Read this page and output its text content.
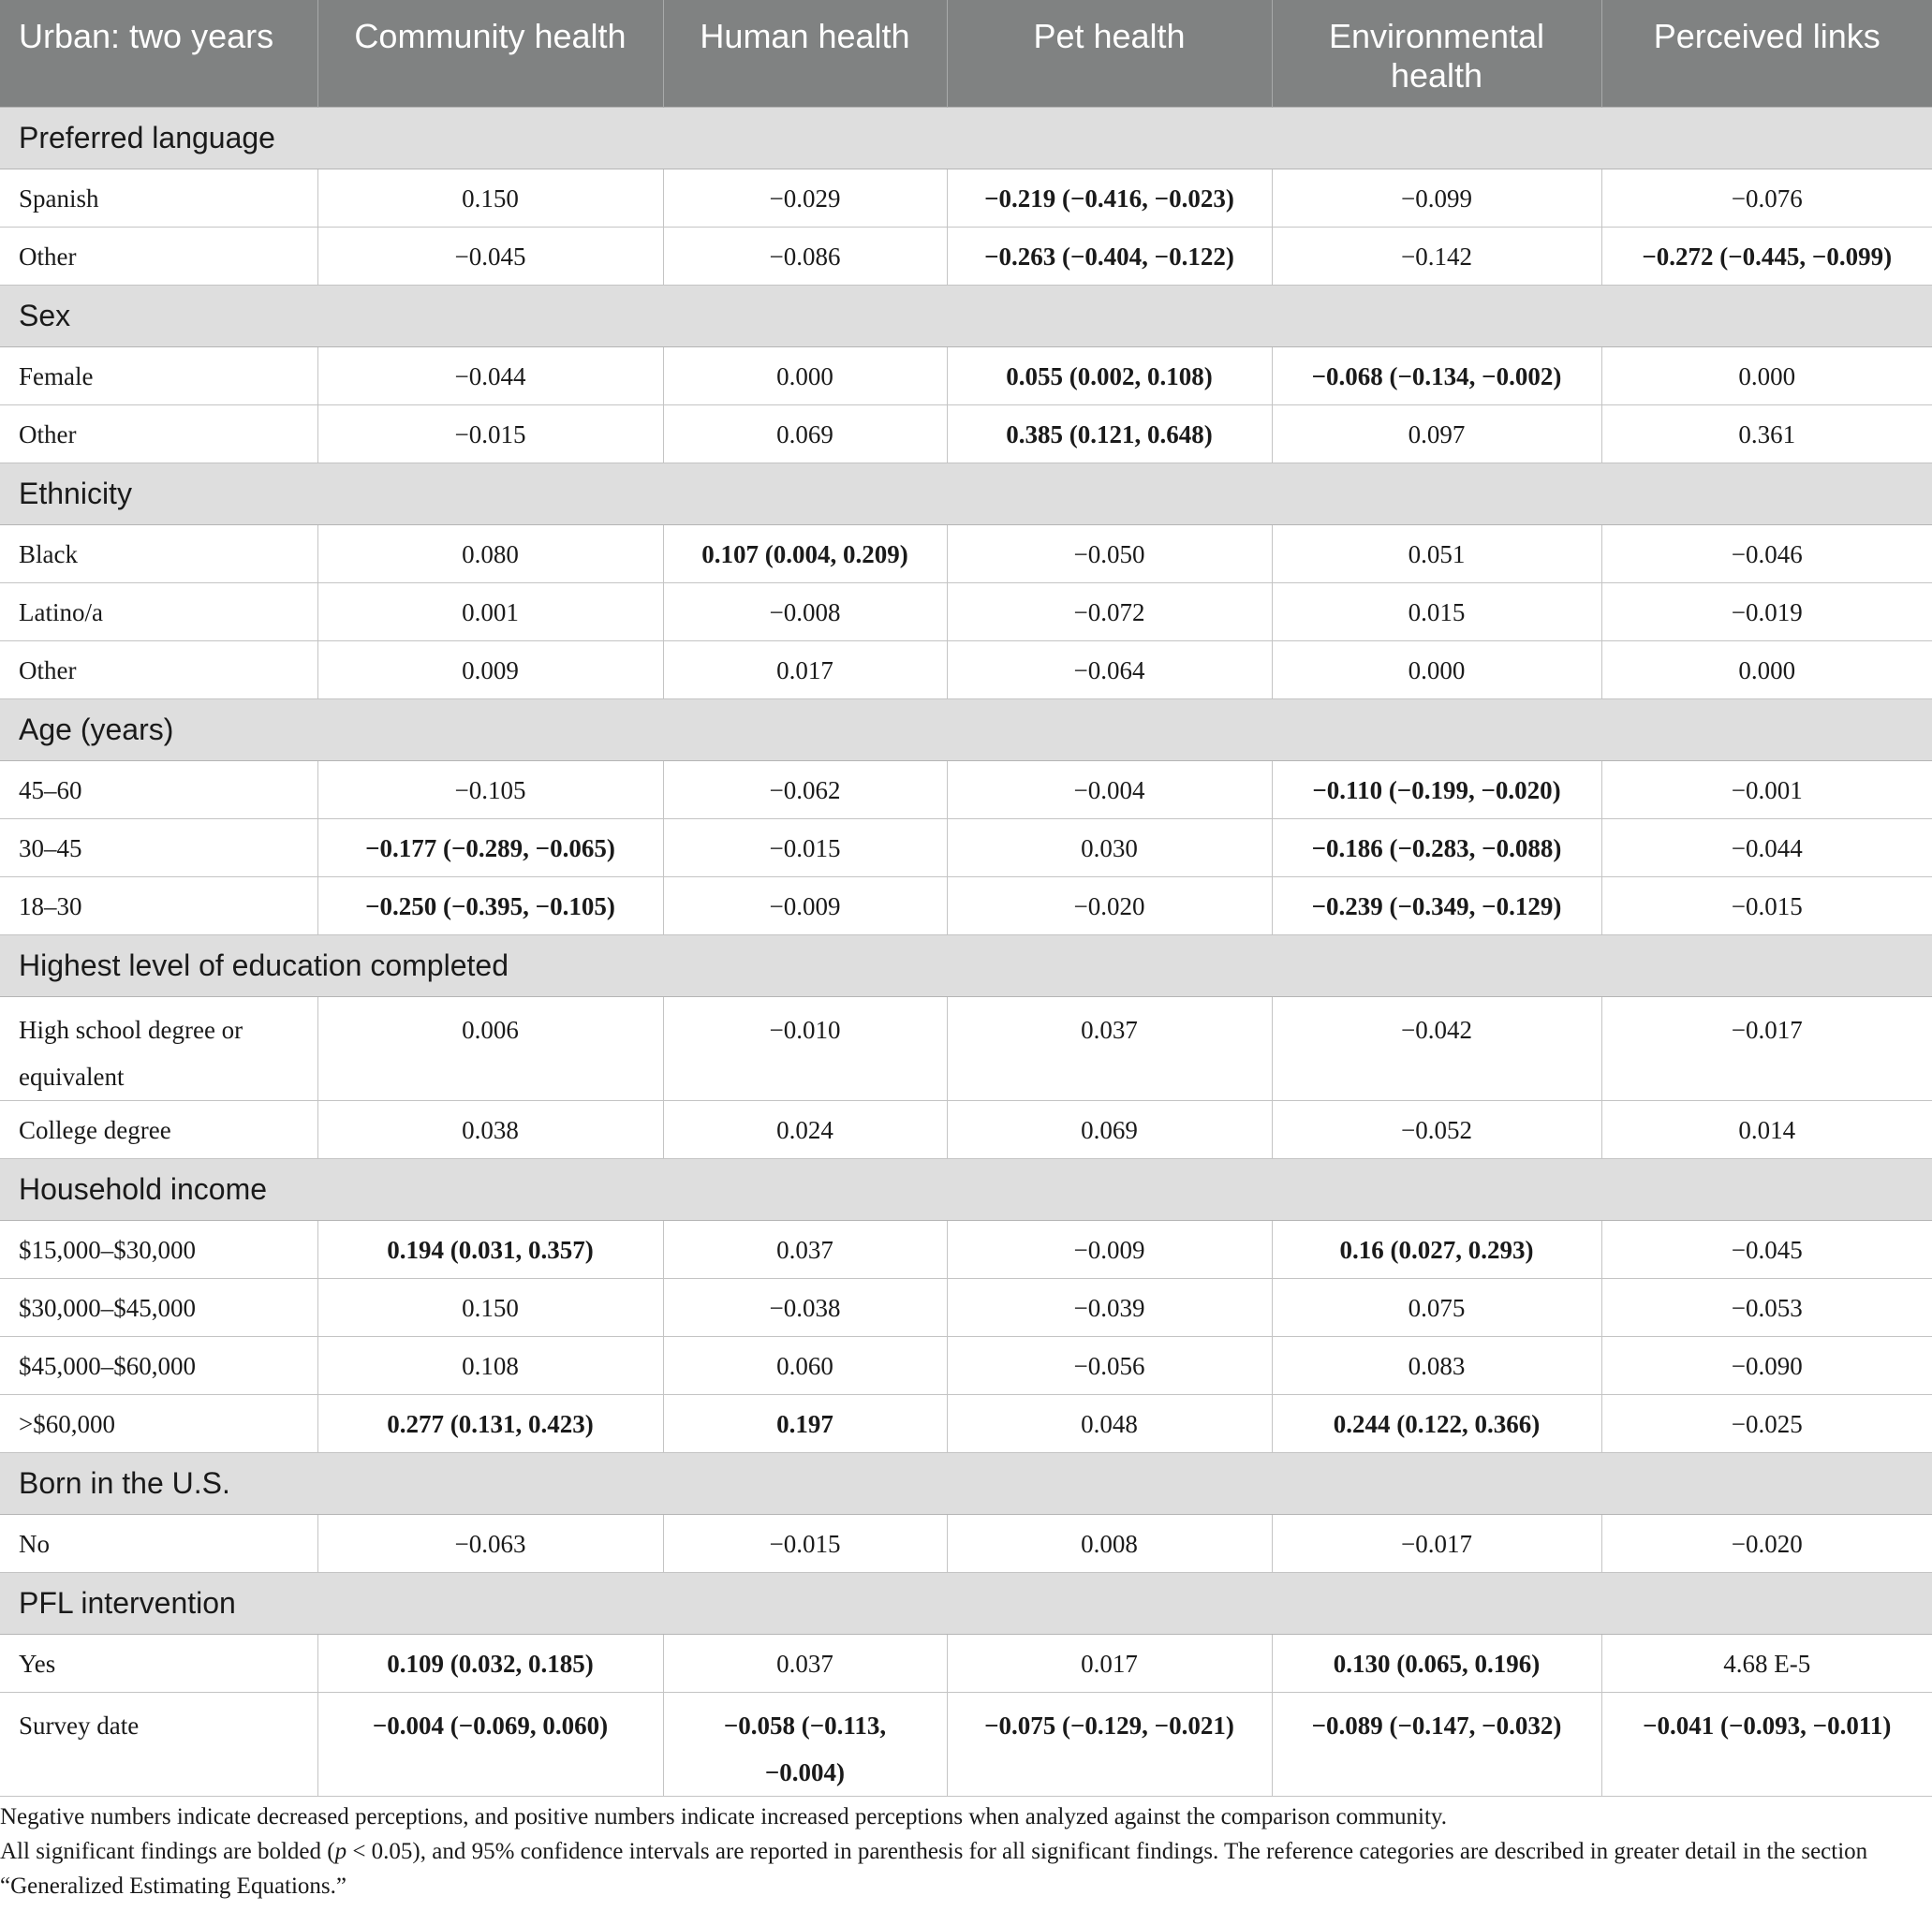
Urban: two years	Community health	Human health	Pet health	Environmental health	Perceived links
Preferred language					
Spanish	0.150	−0.029	−0.219 (−0.416, −0.023)	−0.099	−0.076
Other	−0.045	−0.086	−0.263 (−0.404, −0.122)	−0.142	−0.272 (−0.445, −0.099)
Sex					
Female	−0.044	0.000	0.055 (0.002, 0.108)	−0.068 (−0.134, −0.002)	0.000
Other	−0.015	0.069	0.385 (0.121, 0.648)	0.097	0.361
Ethnicity					
Black	0.080	0.107 (0.004, 0.209)	−0.050	0.051	−0.046
Latino/a	0.001	−0.008	−0.072	0.015	−0.019
Other	0.009	0.017	−0.064	0.000	0.000
Age (years)					
45–60	−0.105	−0.062	−0.004	−0.110 (−0.199, −0.020)	−0.001
30–45	−0.177 (−0.289, −0.065)	−0.015	0.030	−0.186 (−0.283, −0.088)	−0.044
18–30	−0.250 (−0.395, −0.105)	−0.009	−0.020	−0.239 (−0.349, −0.129)	−0.015
Highest level of education completed					
High school degree or equivalent	0.006	−0.010	0.037	−0.042	−0.017
College degree	0.038	0.024	0.069	−0.052	0.014
Household income					
$15,000–$30,000	0.194 (0.031, 0.357)	0.037	−0.009	0.16 (0.027, 0.293)	−0.045
$30,000–$45,000	0.150	−0.038	−0.039	0.075	−0.053
$45,000–$60,000	0.108	0.060	−0.056	0.083	−0.090
>$60,000	0.277 (0.131, 0.423)	0.197	0.048	0.244 (0.122, 0.366)	−0.025
Born in the U.S.					
No	−0.063	−0.015	0.008	−0.017	−0.020
PFL intervention					
Yes	0.109 (0.032, 0.185)	0.037	0.017	0.130 (0.065, 0.196)	4.68 E-5
Survey date	−0.004 (−0.069, 0.060)	−0.058 (−0.113, −0.004)	−0.075 (−0.129, −0.021)	−0.089 (−0.147, −0.032)	−0.041 (−0.093, −0.011)

Negative numbers indicate decreased perceptions, and positive numbers indicate increased perceptions when analyzed against the comparison community.

All significant findings are bolded (p < 0.05), and 95% confidence intervals are reported in parenthesis for all significant findings. The reference categories are described in greater detail in the section “Generalized Estimating Equations.”
